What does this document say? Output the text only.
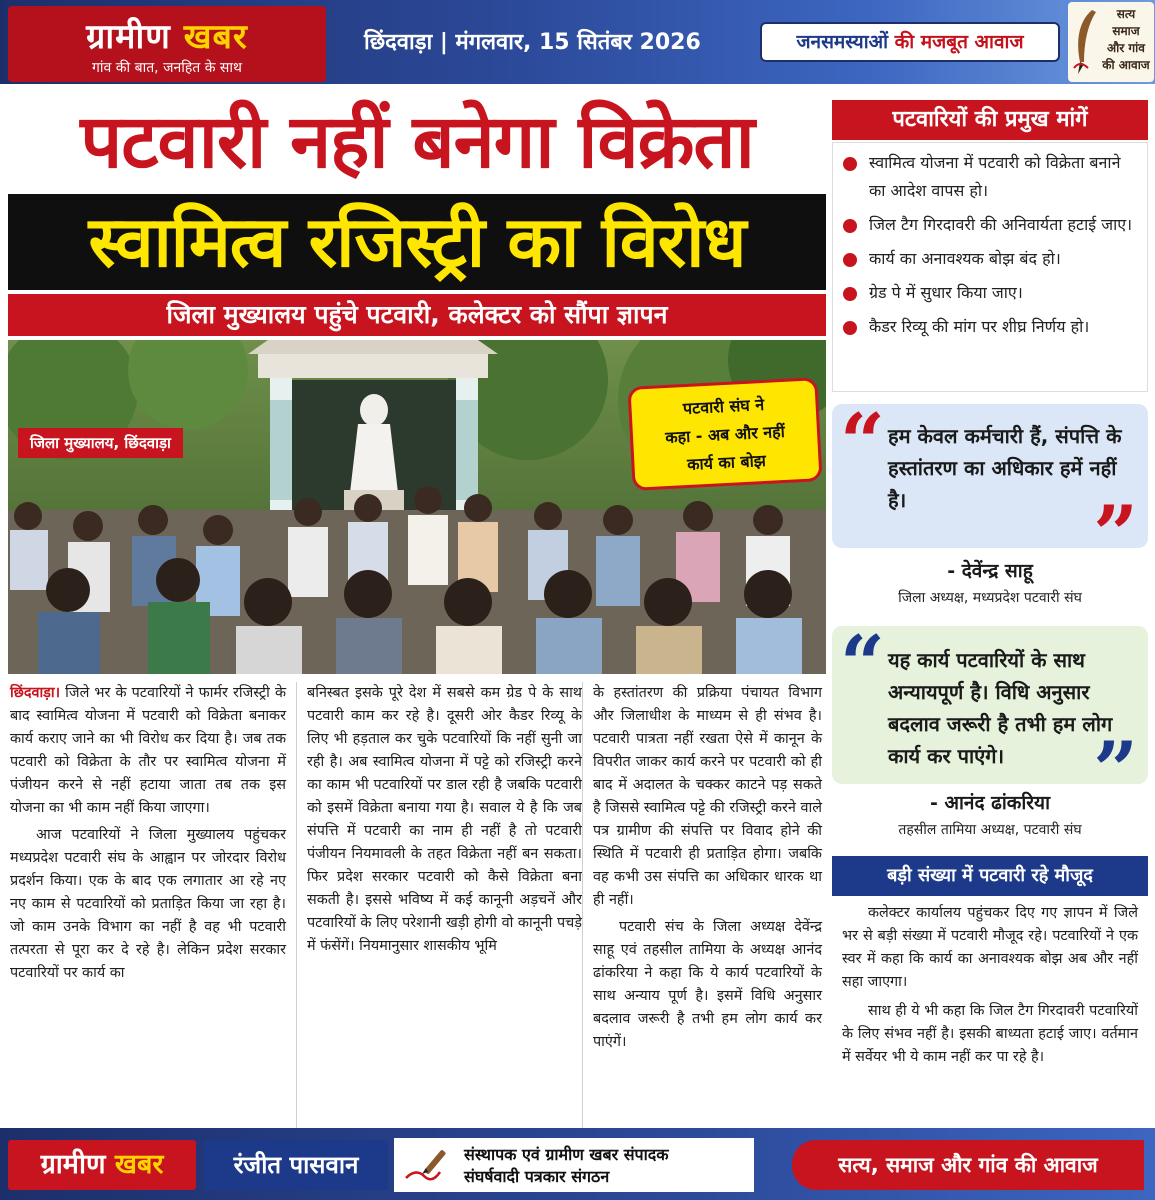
ग्रामीण खबर
गांव की बात, जनहित के साथ
छिंदवाड़ा | मंगलवार, 15 सितंबर 2026	जनसमस्याओं की मजबूत आवाज
सत्य
समाज
और गांव
की आवाज
पटवारी नहीं बनेगा विक्रेता
स्वामित्व रजिस्ट्री का विरोध
जिला मुख्यालय पहुंचे पटवारी, कलेक्टर को सौंपा ज्ञापन
जिला मुख्यालय, छिंदवाड़ा
पटवारी संघ ने
कहा - अब और नहीं
कार्य का बोझ

छिंदवाड़ा। जिले भर के पटवारियों ने फार्मर रजिस्ट्री के बाद स्वामित्व योजना में पटवारी को विक्रेता बनाकर कार्य कराए जाने का भी विरोध कर दिया है। जब तक पटवारी को विक्रेता के तौर पर स्वामित्व योजना में पंजीयन करने से नहीं हटाया जाता तब तक इस योजना का भी काम नहीं किया जाएगा।

आज पटवारियों ने जिला मुख्यालय पहुंचकर मध्यप्रदेश पटवारी संघ के आह्वान पर जोरदार विरोध प्रदर्शन किया। एक के बाद एक लगातार आ रहे नए नए काम से पटवारियों को प्रताड़ित किया जा रहा है। जो काम उनके विभाग का नहीं है वह भी पटवारी तत्परता से पूरा कर दे रहे है। लेकिन प्रदेश सरकार पटवारियों पर कार्य का

बनिस्बत इसके पूरे देश में सबसे कम ग्रेड पे के साथ पटवारी काम कर रहे है। दूसरी ओर कैडर रिव्यू के लिए भी हड़ताल कर चुके पटवारियों कि नहीं सुनी जा रही है। अब स्वामित्व योजना में पट्टे को रजिस्ट्री करने का काम भी पटवारियों पर डाल रही है जबकि पटवारी को इसमें विक्रेता बनाया गया है। सवाल ये है कि जब संपत्ति में पटवारी का नाम ही नहीं है तो पटवारी पंजीयन नियमावली के तहत विक्रेता नहीं बन सकता। फिर प्रदेश सरकार पटवारी को कैसे विक्रेता बना सकती है। इससे भविष्य में कई कानूनी अड़चनें और पटवारियों के लिए परेशानी खड़ी होगी वो कानूनी पचड़े में फंसेंगें। नियमानुसार शासकीय भूमि

के हस्तांतरण की प्रक्रिया पंचायत विभाग और जिलाधीश के माध्यम से ही संभव है। पटवारी पात्रता नहीं रखता ऐसे में कानून के विपरीत जाकर कार्य करने पर पटवारी को ही बाद में अदालत के चक्कर काटने पड़ सकते है जिससे स्वामित्व पट्टे की रजिस्ट्री करने वाले पत्र ग्रामीण की संपत्ति पर विवाद होने की स्थिति में पटवारी ही प्रताड़ित होगा। जबकि वह कभी उस संपत्ति का अधिकार धारक था ही नहीं।

पटवारी संच के जिला अध्यक्ष देवेंन्द्र साहू एवं तहसील तामिया के अध्यक्ष आनंद ढांकरिया ने कहा कि ये कार्य पटवारियों के साथ अन्याय पूर्ण है। इसमें विधि अनुसार बदलाव जरूरी है तभी हम लोग कार्य कर पाएंगें।

पटवारियों की प्रमुख मांगें
स्वामित्व योजना में पटवारी को विक्रेता बनाने का आदेश वापस हो।
जिल टैग गिरदावरी की अनिवार्यता हटाई जाए।
कार्य का अनावश्यक बोझ बंद हो।
ग्रेड पे में सुधार किया जाए।
कैडर रिव्यू की मांग पर शीघ्र निर्णय हो।
“ हम केवल कर्मचारी हैं, संपत्ति के हस्तांतरण का अधिकार हमें नहीं है।	”
- देवेंन्द्र साहू
जिला अध्यक्ष, मध्यप्रदेश पटवारी संघ
“ यह कार्य पटवारियों के साथ अन्यायपूर्ण है। विधि अनुसार बदलाव जरूरी है तभी हम लोग कार्य कर पाएंगे।	”
- आनंद ढांकरिया
तहसील तामिया अध्यक्ष, पटवारी संघ
बड़ी संख्या में पटवारी रहे मौजूद

कलेक्टर कार्यालय पहुंचकर दिए गए ज्ञापन में जिले भर से बड़ी संख्या में पटवारी मौजूद रहे। पटवारियों ने एक स्वर में कहा कि कार्य का अनावश्यक बोझ अब और नहीं सहा जाएगा।

साथ ही ये भी कहा कि जिल टैग गिरदावरी पटवारियों के लिए संभव नहीं है। इसकी बाध्यता हटाई जाए। वर्तमान में सर्वेयर भी ये काम नहीं कर पा रहे है।

ग्रामीण खबर	रंजीत पासवान	संस्थापक एवं ग्रामीण खबर संपादक
संघर्षवादी पत्रकार संगठन	सत्य, समाज और गांव की आवाज
